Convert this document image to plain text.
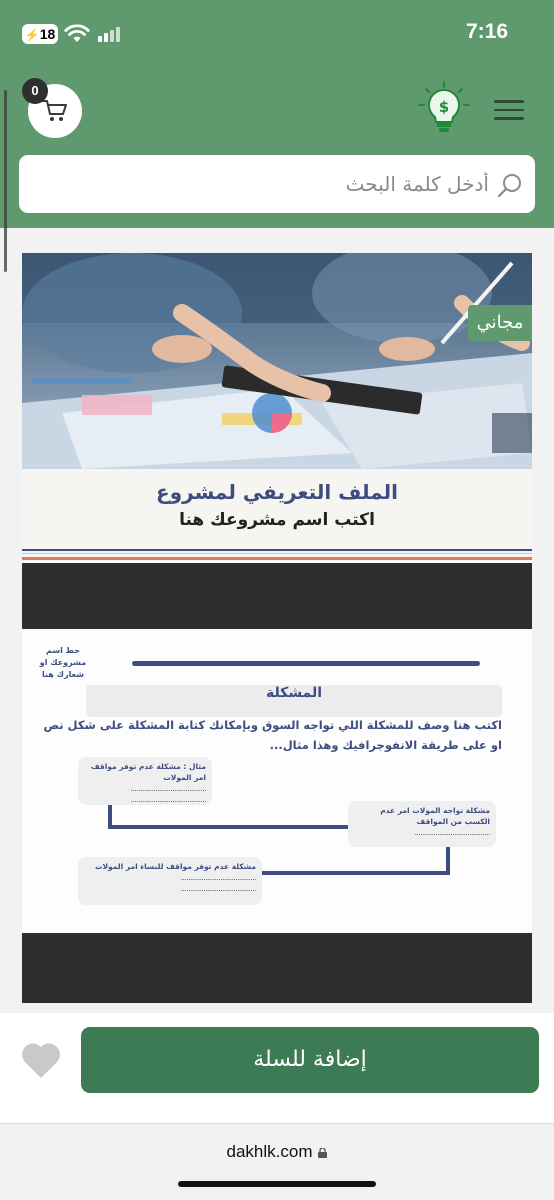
⚡18	7:16
0
$
أدخل كلمة البحث
الملف التعريفي لمشروع
اكتب اسم مشروعك هنا
حط اسم مشروعك او شعارك هنا
المشكلة
اكتب هنا وصف للمشكلة اللي تواجه السوق وبإمكانك كتابة المشكلة على شكل نص او على طريقة الانفوجرافيك وهذا مثال...
مثال : مشكلة عدم توفر مواقف امر المولات
........................................
........................................
مشكلة تواجه المولات امر عدم الكسب من المواقف
........................................
مشكلة عدم توفر مواقف للنساء امر المولات
........................................
........................................
مجاني
إضافة للسلة
dakhlk.com
